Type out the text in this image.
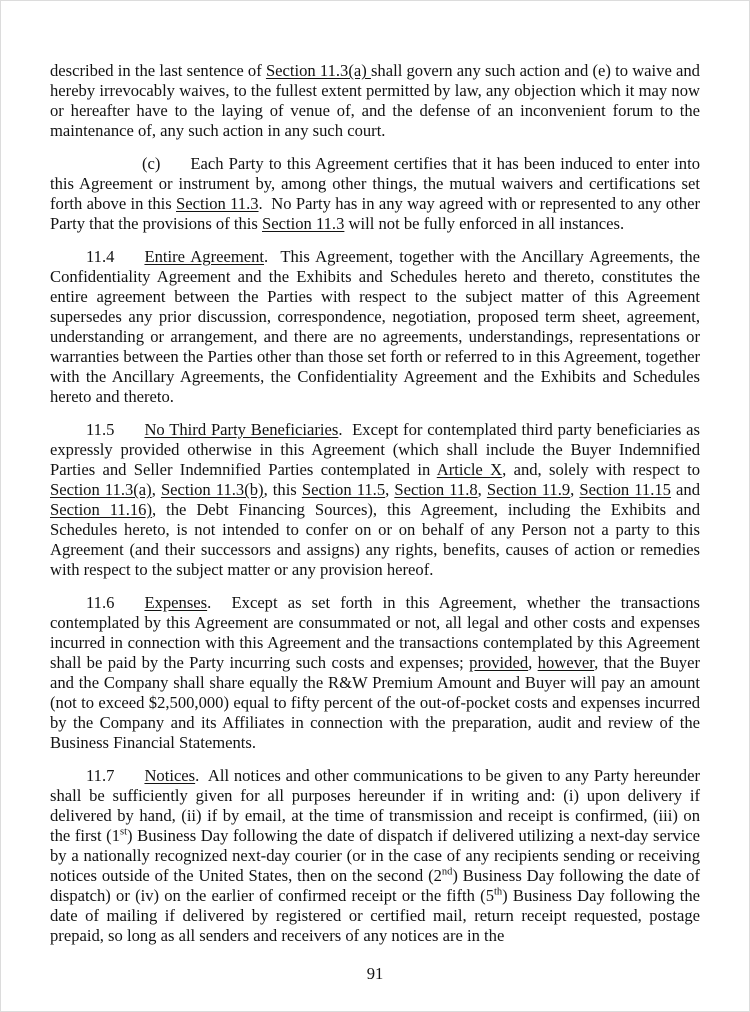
described in the last sentence of Section 11.3(a) shall govern any such action and (e) to waive and hereby irrevocably waives, to the fullest extent permitted by law, any objection which it may now or hereafter have to the laying of venue of, and the defense of an inconvenient forum to the maintenance of, any such action in any such court.

(c) Each Party to this Agreement certifies that it has been induced to enter into this Agreement or instrument by, among other things, the mutual waivers and certifications set forth above in this Section 11.3.  No Party has in any way agreed with or represented to any other Party that the provisions of this Section 11.3 will not be fully enforced in all instances.

11.4 Entire Agreement.  This Agreement, together with the Ancillary Agreements, the Confidentiality Agreement and the Exhibits and Schedules hereto and thereto, constitutes the entire agreement between the Parties with respect to the subject matter of this Agreement supersedes any prior discussion, correspondence, negotiation, proposed term sheet, agreement, understanding or arrangement, and there are no agreements, understandings, representations or warranties between the Parties other than those set forth or referred to in this Agreement, together with the Ancillary Agreements, the Confidentiality Agreement and the Exhibits and Schedules hereto and thereto.

11.5 No Third Party Beneficiaries.  Except for contemplated third party beneficiaries as expressly provided otherwise in this Agreement (which shall include the Buyer Indemnified Parties and Seller Indemnified Parties contemplated in Article X, and, solely with respect to Section 11.3(a), Section 11.3(b), this Section 11.5, Section 11.8, Section 11.9, Section 11.15 and Section 11.16), the Debt Financing Sources), this Agreement, including the Exhibits and Schedules hereto, is not intended to confer on or on behalf of any Person not a party to this Agreement (and their successors and assigns) any rights, benefits, causes of action or remedies with respect to the subject matter or any provision hereof.

11.6 Expenses.  Except as set forth in this Agreement, whether the transactions contemplated by this Agreement are consummated or not, all legal and other costs and expenses incurred in connection with this Agreement and the transactions contemplated by this Agreement shall be paid by the Party incurring such costs and expenses; provided, however, that the Buyer and the Company shall share equally the R&W Premium Amount and Buyer will pay an amount (not to exceed $2,500,000) equal to fifty percent of the out-of-pocket costs and expenses incurred by the Company and its Affiliates in connection with the preparation, audit and review of the Business Financial Statements.

11.7 Notices.  All notices and other communications to be given to any Party hereunder shall be sufficiently given for all purposes hereunder if in writing and: (i) upon delivery if delivered by hand, (ii) if by email, at the time of transmission and receipt is confirmed, (iii) on the first (1st) Business Day following the date of dispatch if delivered utilizing a next-day service by a nationally recognized next-day courier (or in the case of any recipients sending or receiving notices outside of the United States, then on the second (2nd) Business Day following the date of dispatch) or (iv) on the earlier of confirmed receipt or the fifth (5th) Business Day following the date of mailing if delivered by registered or certified mail, return receipt requested, postage prepaid, so long as all senders and receivers of any notices are in the

91
